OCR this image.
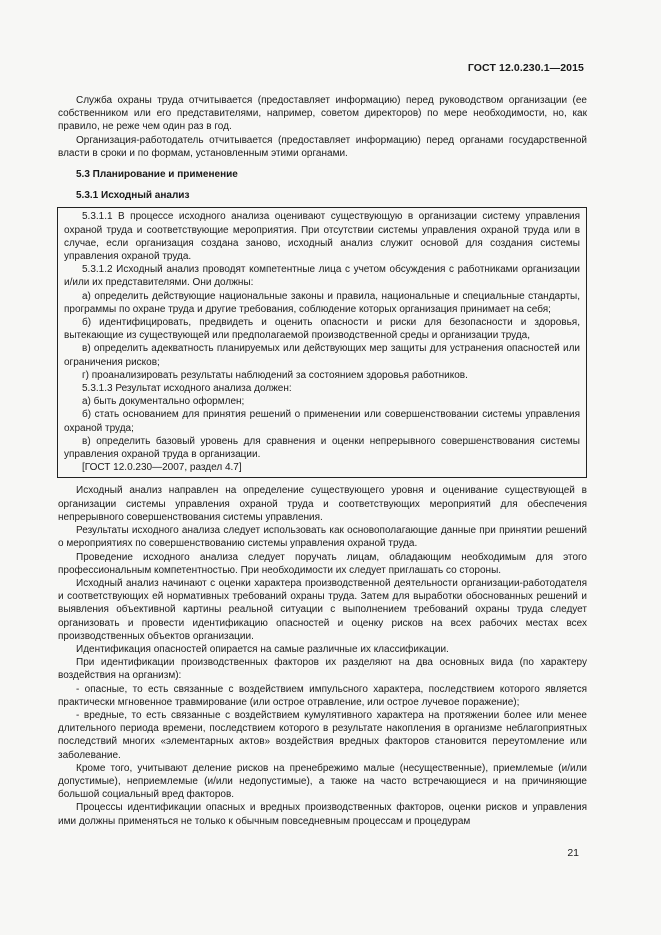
ГОСТ 12.0.230.1—2015

Служба охраны труда отчитывается (предоставляет информацию) перед руководством организации (ее собственником или его представителями, например, советом директоров) по мере необходимости, но, как правило, не реже чем один раз в год.

Организация-работодатель отчитывается (предоставляет информацию) перед органами государственной власти в сроки и по формам, установленным этими органами.

5.3 Планирование и применение

5.3.1 Исходный анализ

5.3.1.1 В процессе исходного анализа оценивают существующую в организации систему управления охраной труда и соответствующие мероприятия. При отсутствии системы управления охраной труда или в случае, если организация создана заново, исходный анализ служит основой для создания системы управления охраной труда.

5.3.1.2 Исходный анализ проводят компетентные лица с учетом обсуждения с работниками организации и/или их представителями. Они должны:

а) определить действующие национальные законы и правила, национальные и специальные стандарты, программы по охране труда и другие требования, соблюдение которых организация принимает на себя;

б) идентифицировать, предвидеть и оценить опасности и риски для безопасности и здоровья, вытекающие из существующей или предполагаемой производственной среды и организации труда,

в) определить адекватность планируемых или действующих мер защиты для устранения опасностей или ограничения рисков;

г) проанализировать результаты наблюдений за состоянием здоровья работников.

5.3.1.3 Результат исходного анализа должен:

а) быть документально оформлен;

б) стать основанием для принятия решений о применении или совершенствовании системы управления охраной труда;

в) определить базовый уровень для сравнения и оценки непрерывного совершенствования системы управления охраной труда в организации.

[ГОСТ 12.0.230—2007, раздел 4.7]

Исходный анализ направлен на определение существующего уровня и оценивание существующей в организации системы управления охраной труда и соответствующих мероприятий для обеспечения непрерывного совершенствования системы управления.

Результаты исходного анализа следует использовать как основополагающие данные при принятии решений о мероприятиях по совершенствованию системы управления охраной труда.

Проведение исходного анализа следует поручать лицам, обладающим необходимым для этого профессиональным компетентностью. При необходимости их следует приглашать со стороны.

Исходный анализ начинают с оценки характера производственной деятельности организации-работодателя и соответствующих ей нормативных требований охраны труда. Затем для выработки обоснованных решений и выявления объективной картины реальной ситуации с выполнением требований охраны труда следует организовать и провести идентификацию опасностей и оценку рисков на всех рабочих местах всех производственных объектов организации.

Идентификация опасностей опирается на самые различные их классификации.

При идентификации производственных факторов их разделяют на два основных вида (по характеру воздействия на организм):

- опасные, то есть связанные с воздействием импульсного характера, последствием которого является практически мгновенное травмирование (или острое отравление, или острое лучевое поражение);

- вредные, то есть связанные с воздействием кумулятивного характера на протяжении более или менее длительного периода времени, последствием которого в результате накопления в организме неблагоприятных последствий многих «элементарных актов» воздействия вредных факторов становится переутомление или заболевание.

Кроме того, учитывают деление рисков на пренебрежимо малые (несущественные), приемлемые (и/или допустимые), неприемлемые (и/или недопустимые), а также на часто встречающиеся и на причиняющие большой социальный вред факторов.

Процессы идентификации опасных и вредных производственных факторов, оценки рисков и управления ими должны применяться не только к обычным повседневным процессам и процедурам

21
